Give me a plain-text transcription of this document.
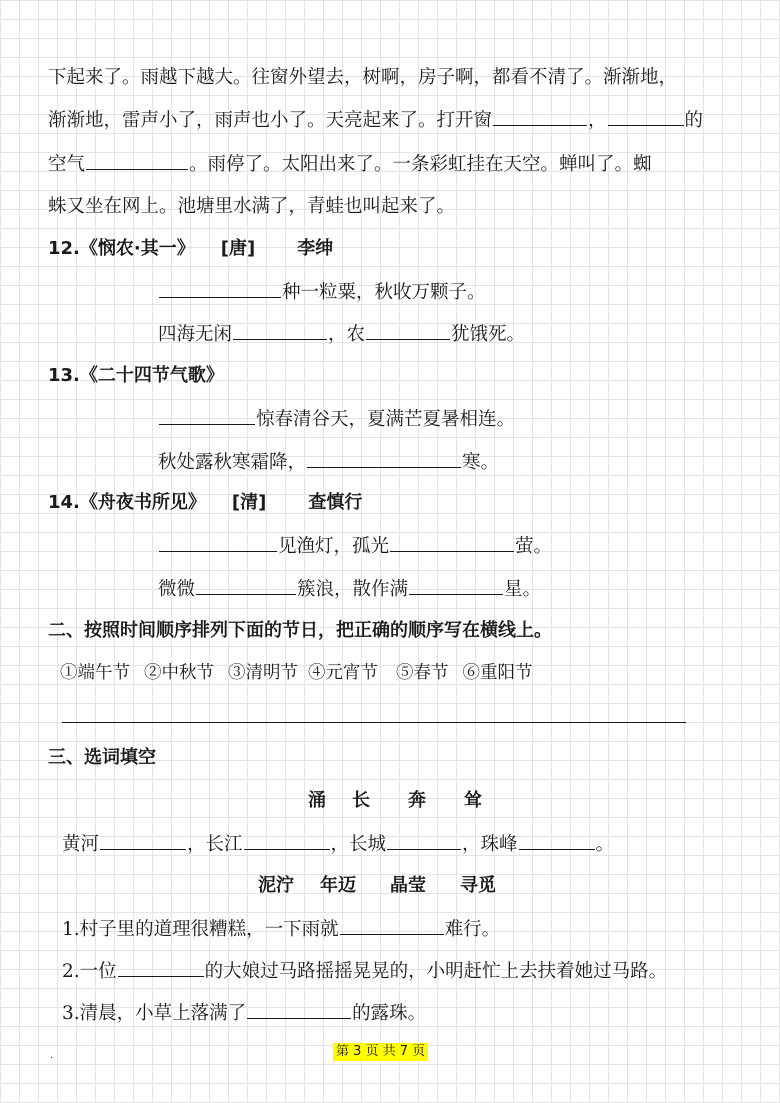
下起来了。雨越下越大。往窗外望去，树啊，房子啊，都看不清了。渐渐地，
渐渐地，雷声小了，雨声也小了。天亮起来了。打开窗	，	的
空气	。雨停了。太阳出来了。一条彩虹挂在天空。蝉叫了。蜘
蛛又坐在网上。池塘里水满了，青蛙也叫起来了。
12.《悯农·其一》 [唐] 李绅
种一粒粟，秋收万颗子。
四海无闲	，农	犹饿死。
13.《二十四节气歌》
惊春清谷天，夏满芒夏暑相连。
秋处露秋寒霜降，	寒。
14.《舟夜书所见》 [清] 查慎行
见渔灯，孤光	萤。
微微	簇浪，散作满	星。
二、按照时间顺序排列下面的节日，把正确的顺序写在横线上。
①端午节 ②中秋节 ③清明节 ④元宵节 ⑤春节 ⑥重阳节
三、选词填空
涌 长 奔 耸
黄河	，长江	，长城	，珠峰	。
泥泞 年迈 晶莹 寻觅
1.村子里的道理很糟糕，一下雨就	难行。
2.一位	的大娘过马路摇摇晃晃的，小明赶忙上去扶着她过马路。
3.清晨，小草上落满了	的露珠。
.	第 3 页 共 7 页
